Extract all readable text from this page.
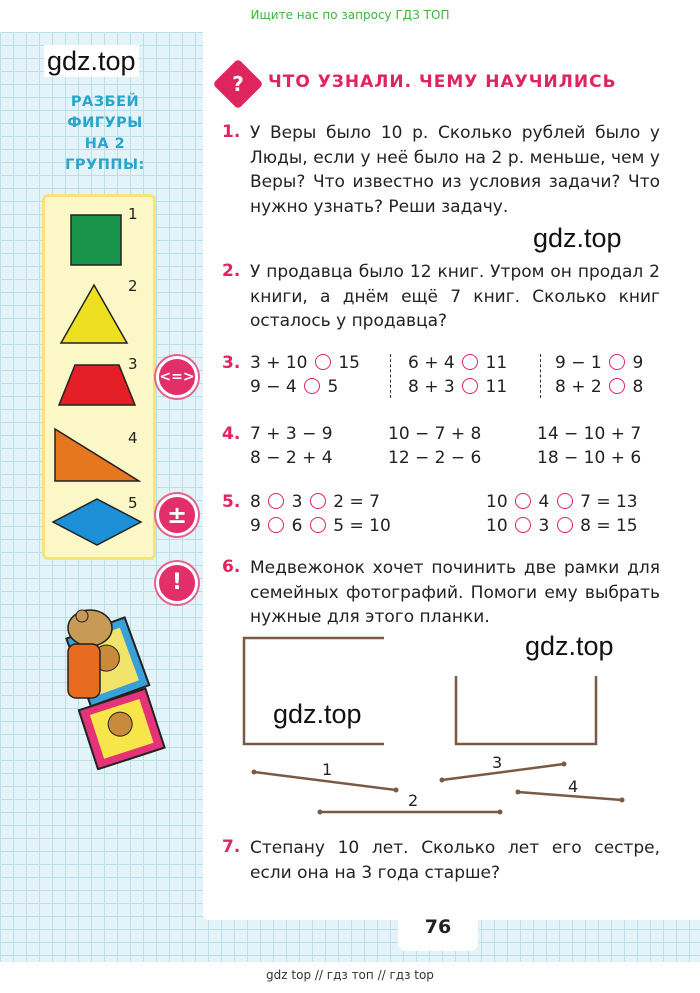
Ищите нас по запросу ГДЗ ТОП
gdz.top
РАЗБЕЙ
ФИГУРЫ
НА 2
ГРУППЫ:
1
2
3
4
5
<=>
±
!
?	ЧТО УЗНАЛИ. ЧЕМУ НАУЧИЛИСЬ
1. У Веры было 10 р. Сколько рублей было у Люды, если у неё было на 2 р. меньше, чем у Веры? Что известно из условия задачи? Что нужно узнать? Реши задачу.
gdz.top
2. У продавца было 12 книг. Утром он продал 2 книги, а днём ещё 7 книг. Сколько книг осталось у продавца?
3. 3 + 10 15
9 − 4 5
6 + 4 11
8 + 3 11
9 − 1 9
8 + 2 8
4. 7 + 3 − 9
8 − 2 + 4
10 − 7 + 8
12 − 2 − 6
14 − 10 + 7
18 − 10 + 6
5. 8 3 2 = 7
9 6 5 = 10
10 4 7 = 13
10 3 8 = 15
6. Медвежонок хочет починить две рамки для семейных фотографий. Помоги ему выбрать нужные для этого планки.
1
2
3
4
gdz.top
gdz.top
7. Степану 10 лет. Сколько лет его сестре, если она на 3 года старше?
76
gdz top // гдз топ // гдз top
